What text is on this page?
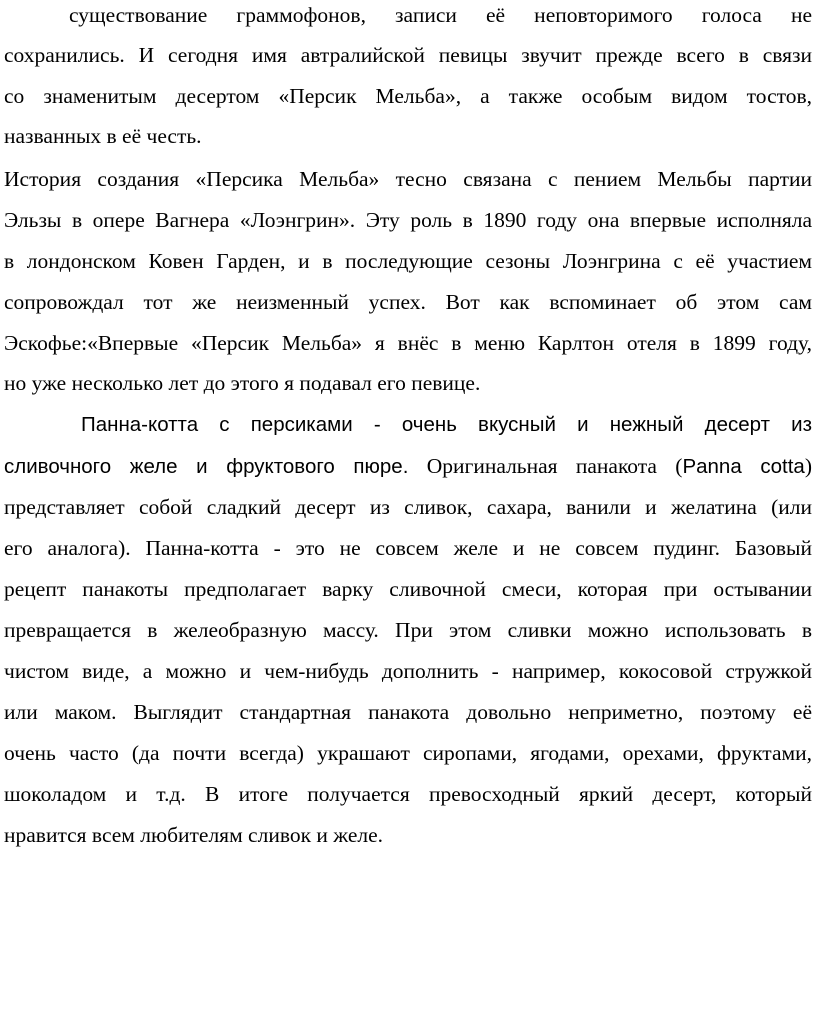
существование граммофонов, записи её неповторимого голоса не
сохранились. И сегодня имя автралийской певицы звучит прежде всего в связи
со знаменитым десертом «Персик Мельба», а также особым видом тостов,
названных в её честь.
История создания «Персика Мельба» тесно связана с пением Мельбы партии
Эльзы в опере Вагнера «Лоэнгрин». Эту роль в 1890 году она впервые исполняла
в лондонском Ковен Гарден, и в последующие сезоны Лоэнгрина с её участием
сопровождал тот же неизменный успех. Вот как вспоминает об этом сам
Эскофье:«Впервые «Персик Мельба» я внёс в меню Карлтон отеля в 1899 году,
но уже несколько лет до этого я подавал его певице.
Панна-котта с персиками - очень вкусный и нежный десерт из
сливочного желе и фруктового пюре. Оригинальная панакота (Panna cotta)
представляет собой сладкий десерт из сливок, сахара, ванили и желатина (или
его аналога). Панна-котта - это не совсем желе и не совсем пудинг. Базовый
рецепт панакоты предполагает варку сливочной смеси, которая при остывании
превращается в желеобразную массу. При этом сливки можно использовать в
чистом виде, а можно и чем-нибудь дополнить - например, кокосовой стружкой
или маком. Выглядит стандартная панакота довольно неприметно, поэтому её
очень часто (да почти всегда) украшают сиропами, ягодами, орехами, фруктами,
шоколадом и т.д. В итоге получается превосходный яркий десерт, который
нравится всем любителям сливок и желе.
